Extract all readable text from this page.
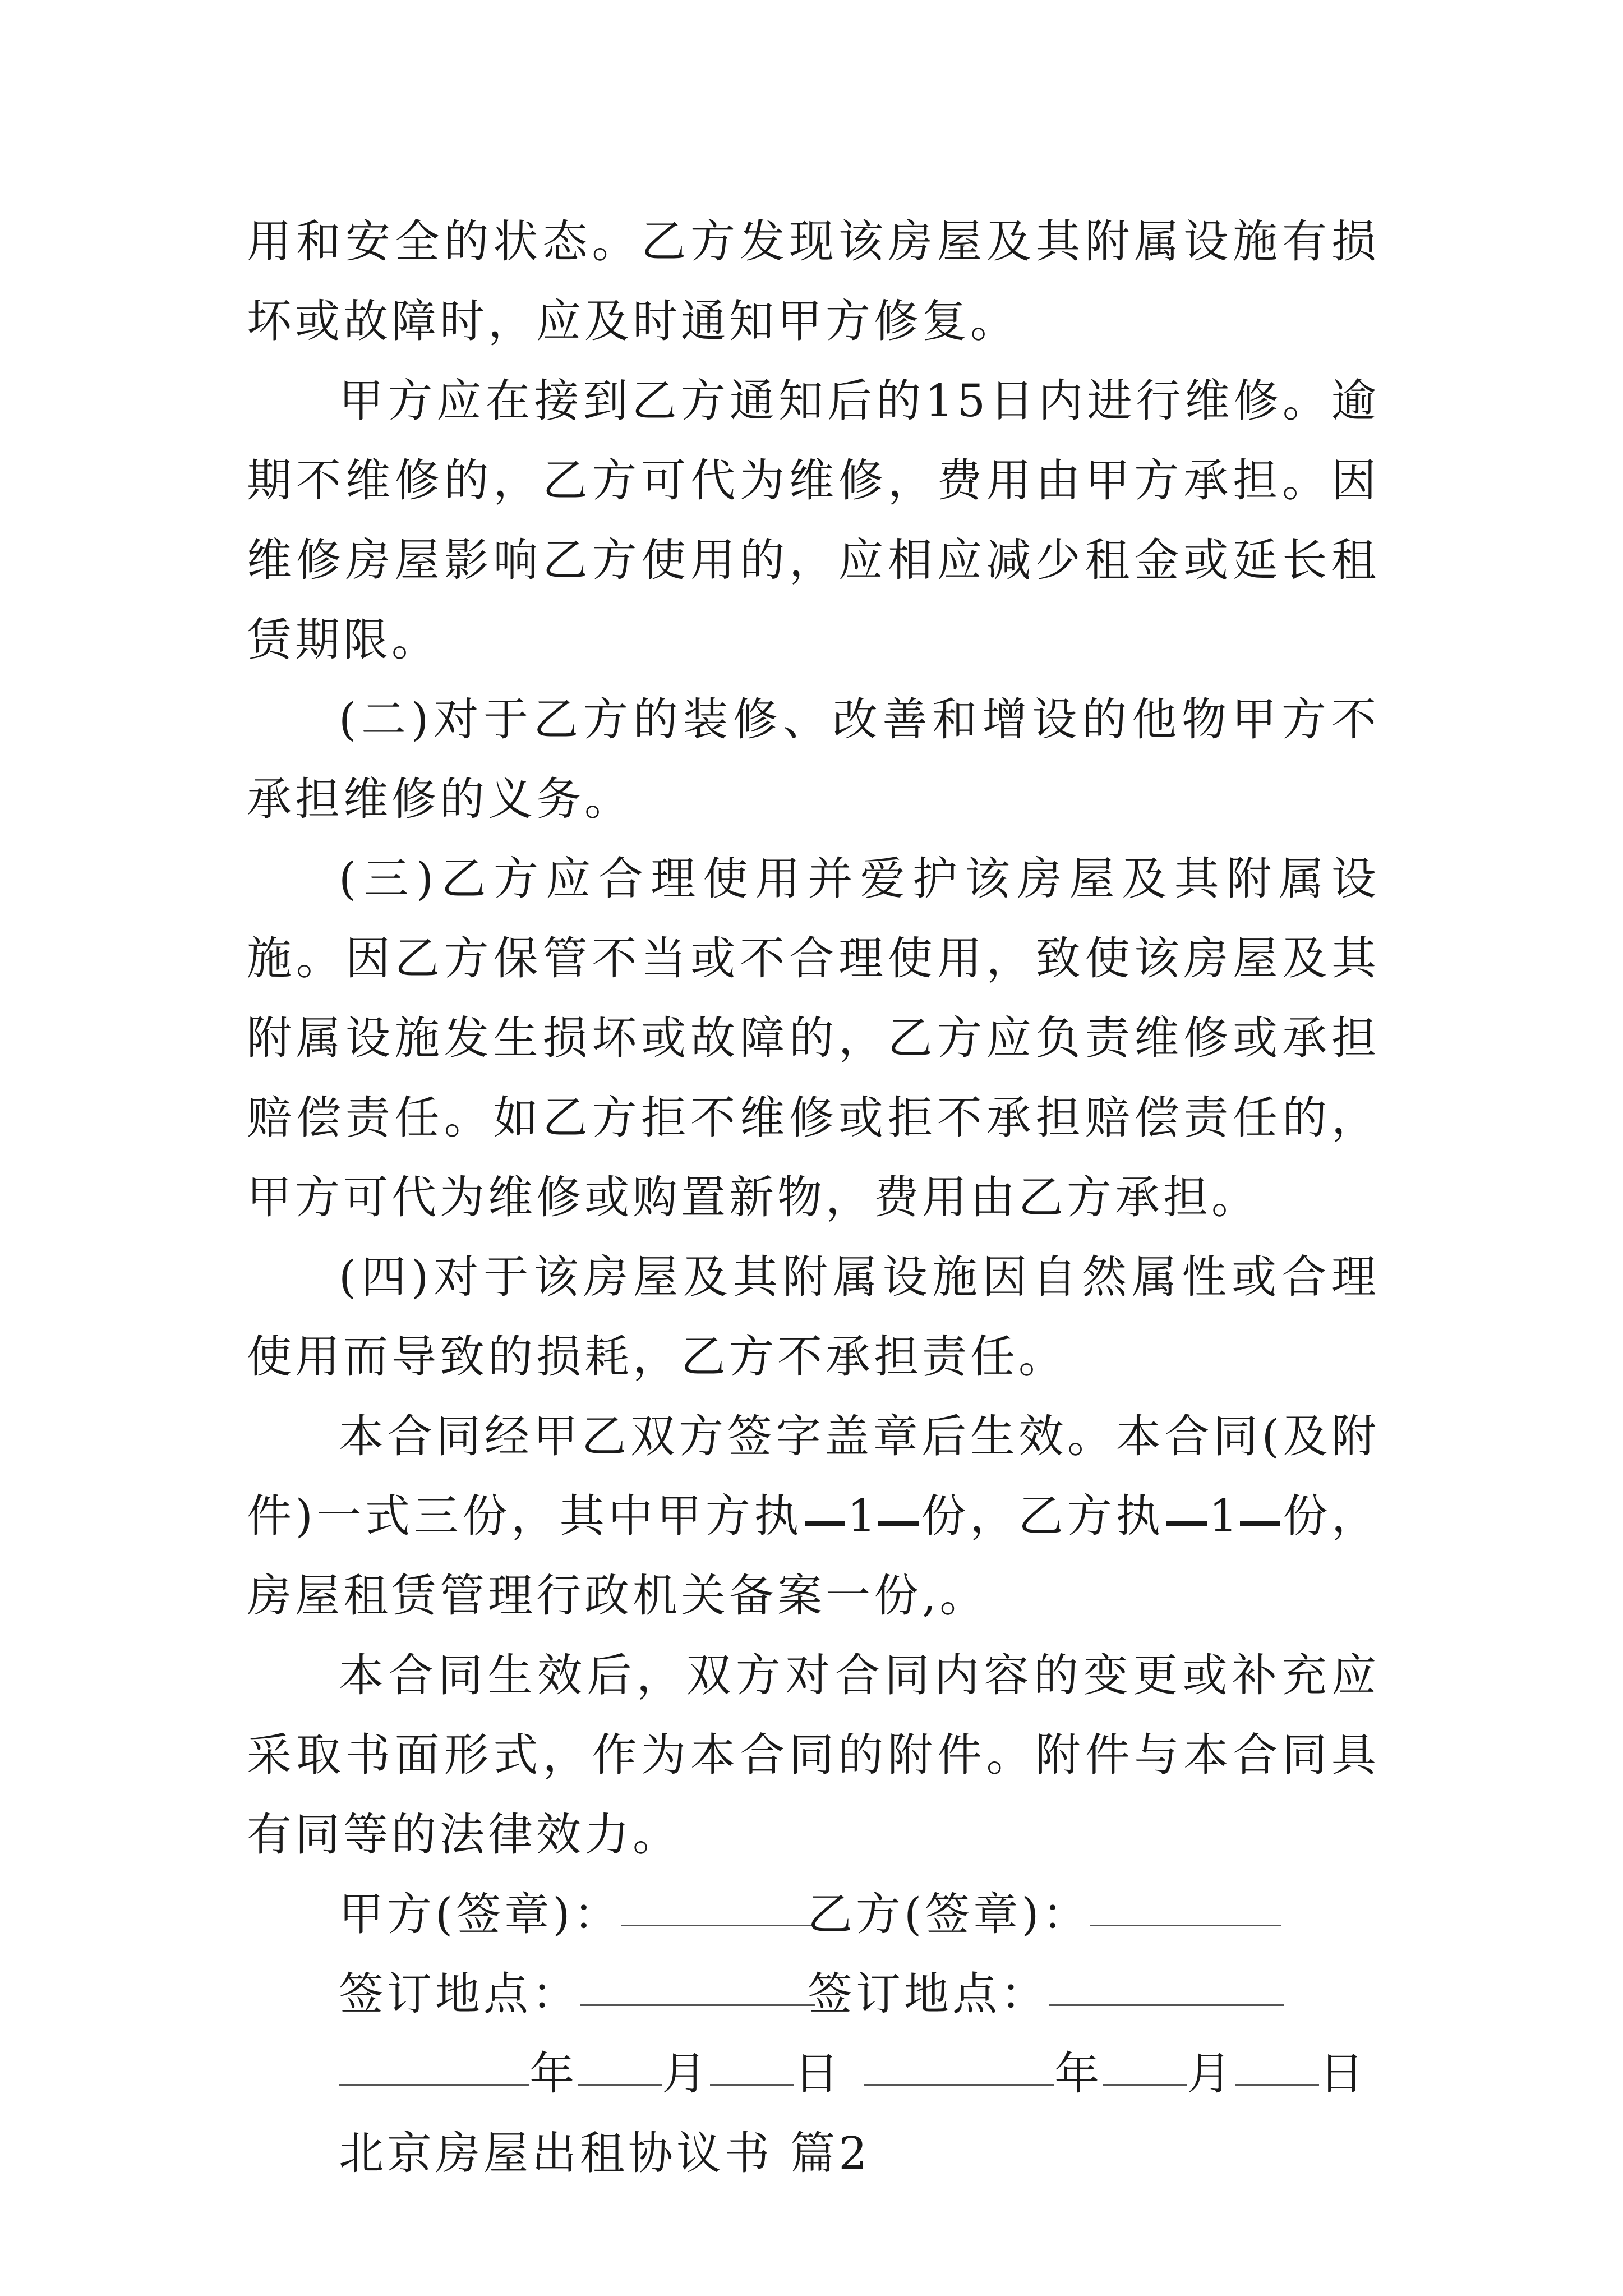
用和安全的状态。乙方发现该房屋及其附属设施有损坏或故障时，应及时通知甲方修复。

甲方应在接到乙方通知后的15日内进行维修。逾期不维修的，乙方可代为维修，费用由甲方承担。因维修房屋影响乙方使用的，应相应减少租金或延长租赁期限。

(二)对于乙方的装修、改善和增设的他物甲方不承担维修的义务。

(三)乙方应合理使用并爱护该房屋及其附属设施。因乙方保管不当或不合理使用，致使该房屋及其附属设施发生损坏或故障的，乙方应负责维修或承担赔偿责任。如乙方拒不维修或拒不承担赔偿责任的，甲方可代为维修或购置新物，费用由乙方承担。

(四)对于该房屋及其附属设施因自然属性或合理使用而导致的损耗，乙方不承担责任。

本合同经甲乙双方签字盖章后生效。本合同(及附件)一式三份，其中甲方执 1 份，乙方执 1 份，房屋租赁管理行政机关备案一份,。

本合同生效后，双方对合同内容的变更或补充应采取书面形式，作为本合同的附件。附件与本合同具有同等的法律效力。

甲方(签章)：	乙方(签章)：
签订地点：	签订地点：
年 月 日	年 月 日

北京房屋出租协议书 篇2
